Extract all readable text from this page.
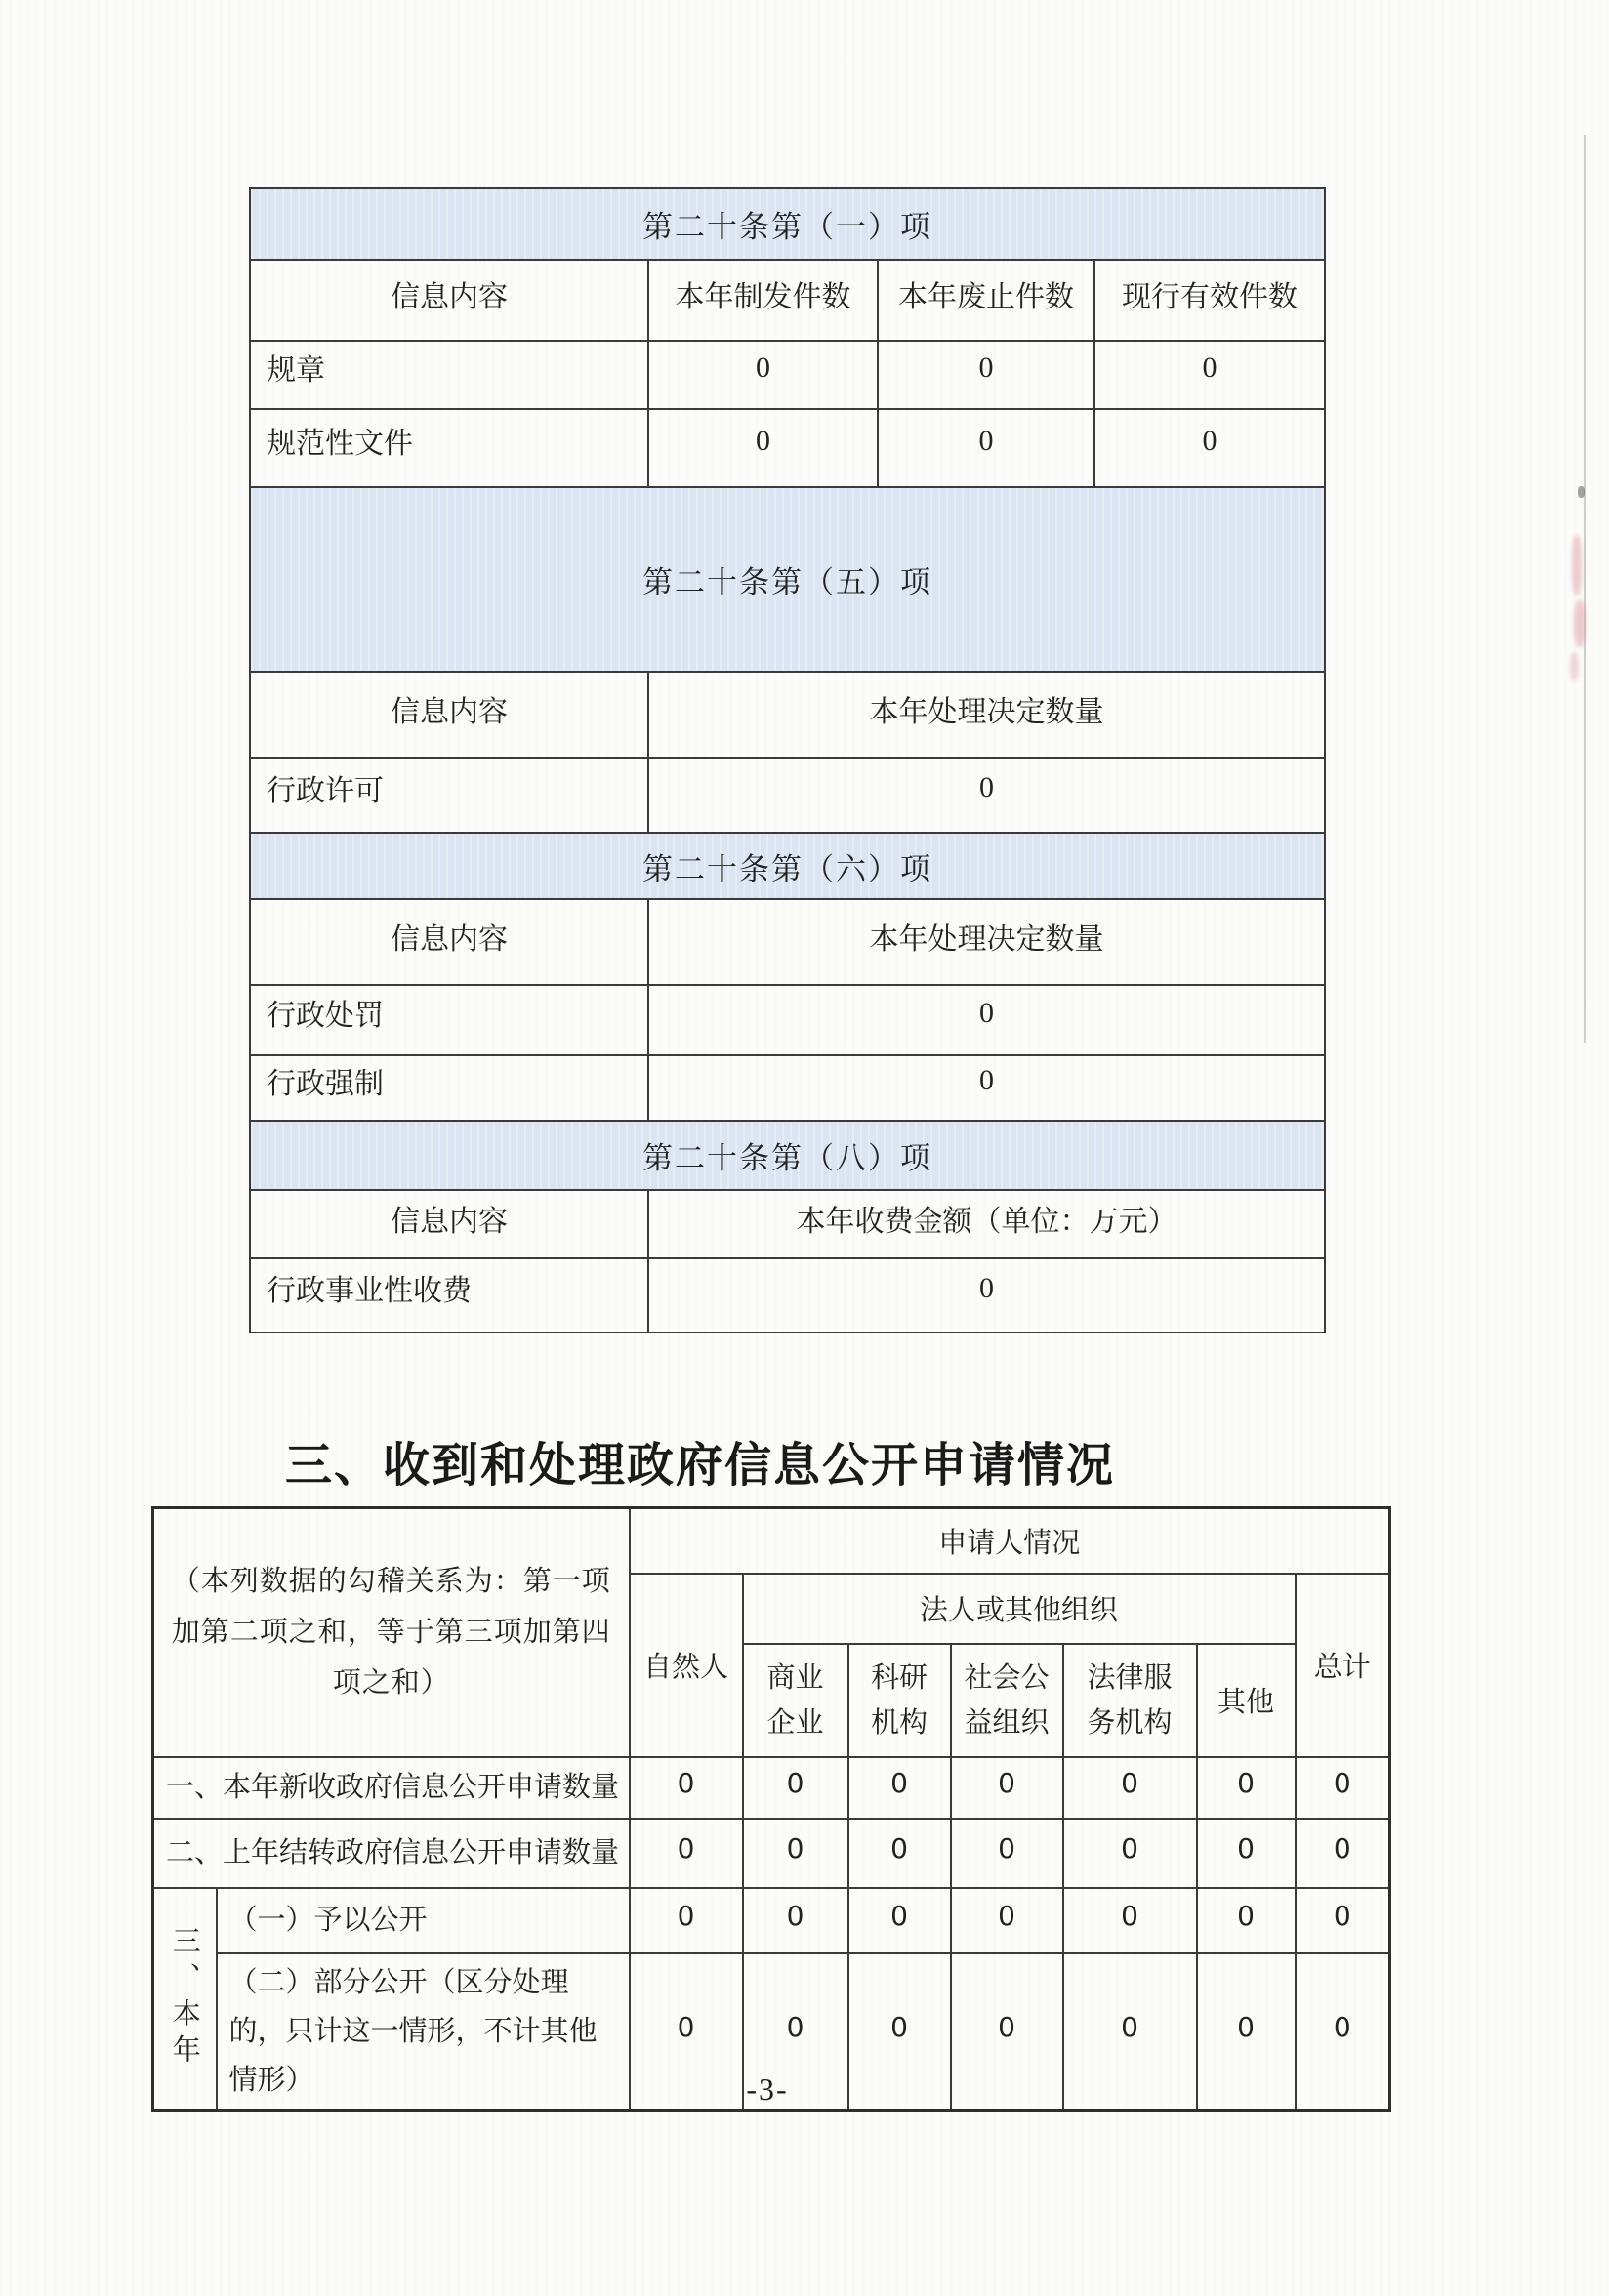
第二十条第（一）项			
信息内容	本年制发件数	本年废止件数	现行有效件数
规章	0	0	0
规范性文件	0	0	0
第二十条第（五）项			
信息内容	本年处理决定数量		
行政许可	0		
第二十条第（六）项			
信息内容	本年处理决定数量		
行政处罚	0		
行政强制	0		
第二十条第（八）项			
信息内容	本年收费金额（单位：万元）		
行政事业性收费	0		
三、收到和处理政府信息公开申请情况
（本列数据的勾稽关系为：第一项加第二项之和，等于第三项加第四项之和）		申请人情况						
		自然人	法人或其他组织					总计
			商业企业	科研机构	社会公益组织	法律服务机构	其他	
一、本年新收政府信息公开申请数量		0	0	0	0	0	0	0
二、上年结转政府信息公开申请数量		0	0	0	0	0	0	0
三、本年	（一）予以公开	0	0	0	0	0	0	0
	（二）部分公开（区分处理的，只计这一情形，不计其他情形）	0	0	0	0	0	0	0
-3-
